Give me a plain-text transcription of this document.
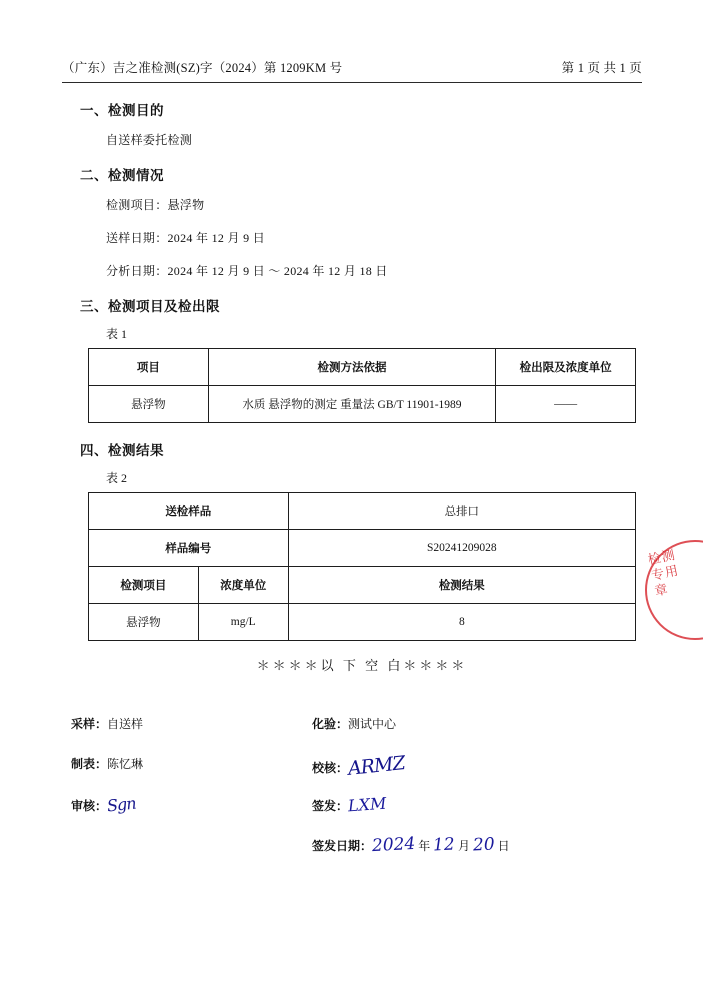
（广东）吉之准检测(SZ)字（2024）第 1209KM 号	第 1 页 共 1 页
一、检测目的
自送样委托检测
二、检测情况
检测项目：悬浮物
送样日期：2024 年 12 月 9 日
分析日期：2024 年 12 月 9 日 ～ 2024 年 12 月 18 日
三、检测项目及检出限
表 1
项目	检测方法依据	检出限及浓度单位
悬浮物	水质 悬浮物的测定 重量法 GB/T 11901-1989	——
四、检测结果
表 2
送检样品		总排口
样品编号		S20241209028
检测项目	浓度单位	检测结果
悬浮物	mg/L	8
＊＊＊＊以 下 空 白＊＊＊＊
检测专用章
采样：自送样	化验：测试中心
制表：陈忆琳	校核：ARMZ
审核：Sgn	签发：LXM
签发日期：2024 年 12 月 20 日
